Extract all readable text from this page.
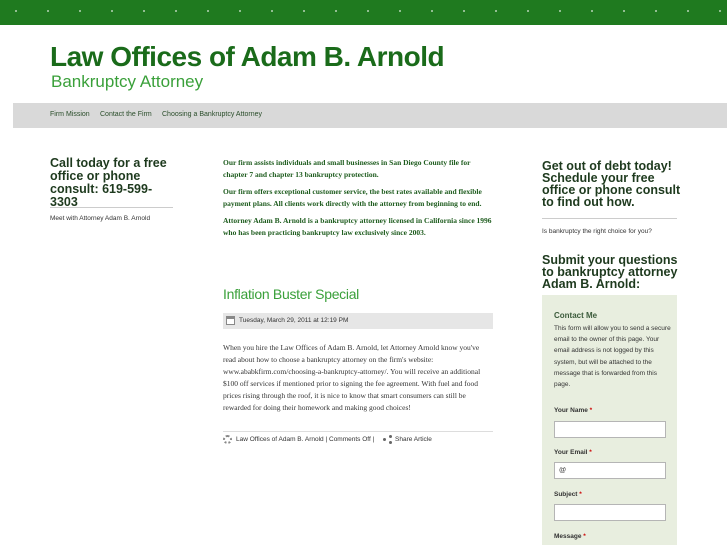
Law Offices of Adam B. Arnold
Bankruptcy Attorney
Firm Mission Contact the Firm Choosing a Bankruptcy Attorney
Call today for a free office or phone consult: 619-599-3303
Meet with Attorney Adam B. Arnold

Our firm assists individuals and small businesses in San Diego County file for chapter 7 and chapter 13 bankruptcy protection.

Our firm offers exceptional customer service, the best rates available and flexible payment plans. All clients work directly with the attorney from beginning to end.

Attorney Adam B. Arnold is a bankruptcy attorney licensed in California since 1996 who has been practicing bankruptcy law exclusively since 2003.

Inflation Buster Special
Tuesday, March 29, 2011 at 12:19 PM
When you hire the Law Offices of Adam B. Arnold, let Attorney Arnold know you've read about how to choose a bankruptcy attorney on the firm's website: www.ababkfirm.com/choosing-a-bankruptcy-attorney/. You will receive an additional $100 off services if mentioned prior to signing the fee agreement. With fuel and food prices rising through the roof, it is nice to know that smart consumers can still be rewarded for doing their homework and making good choices!
Law Offices of Adam B. Arnold | Comments Off |	Share Article
Get out of debt today! Schedule your free office or phone consult to find out how.
Is bankruptcy the right choice for you?
Submit your questions to bankruptcy attorney Adam B. Arnold:
Contact Me
This form will allow you to send a secure email to the owner of this page. Your email address is not logged by this system, but will be attached to the message that is forwarded from this page.
Your Name *
Your Email *
@
Subject *
Message *
